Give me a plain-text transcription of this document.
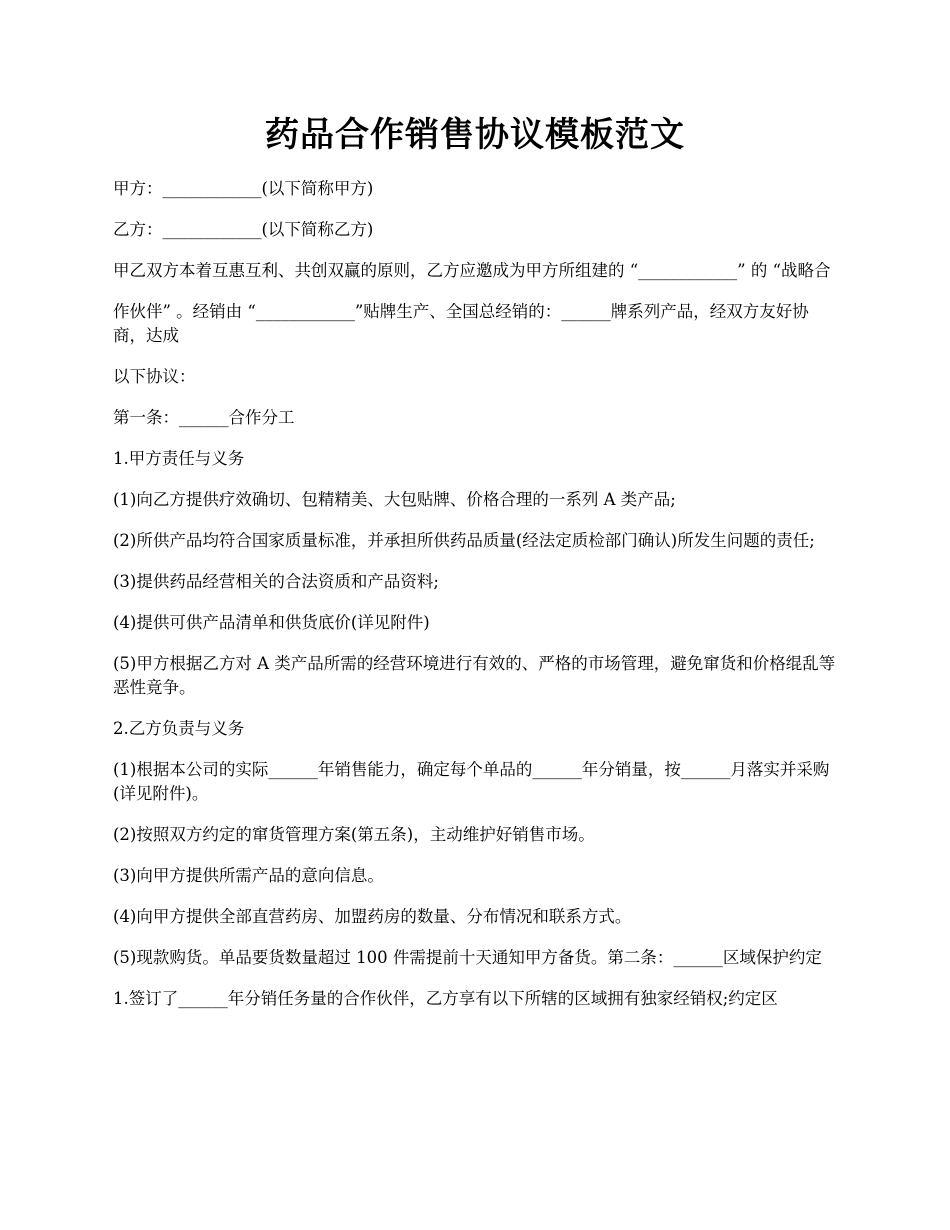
药品合作销售协议模板范文

甲方：____________(以下简称甲方)

乙方：____________(以下简称乙方)

甲乙双方本着互惠互利、共创双赢的原则，乙方应邀成为甲方所组建的 “____________” 的 “战略合

作伙伴” 。经销由 “____________”贴牌生产、全国总经销的：______牌系列产品，经双方友好协商，达成

以下协议：

第一条：______合作分工

1.甲方责任与义务

(1)向乙方提供疗效确切、包精精美、大包贴牌、价格合理的一系列 A 类产品;

(2)所供产品均符合国家质量标准，并承担所供药品质量(经法定质检部门确认)所发生问题的责任;

(3)提供药品经营相关的合法资质和产品资料;

(4)提供可供产品清单和供货底价(详见附件)

(5)甲方根据乙方对 A 类产品所需的经营环境进行有效的、严格的市场管理，避免窜货和价格绲乱等恶性竟争。

2.乙方负责与义务

(1)根据本公司的实际______年销售能力，确定每个单品的______年分销量，按______月落实并采购(详见附件)。

(2)按照双方约定的窜货管理方案(第五条)，主动维护好销售市场。

(3)向甲方提供所需产品的意向信息。

(4)向甲方提供全部直营药房、加盟药房的数量、分布情况和联系方式。

(5)现款购货。单品要货数量超过 100 件需提前十天通知甲方备货。第二条：______区域保护约定

1.签订了______年分销任务量的合作伙伴，乙方享有以下所辖的区域拥有独家经销权;约定区
